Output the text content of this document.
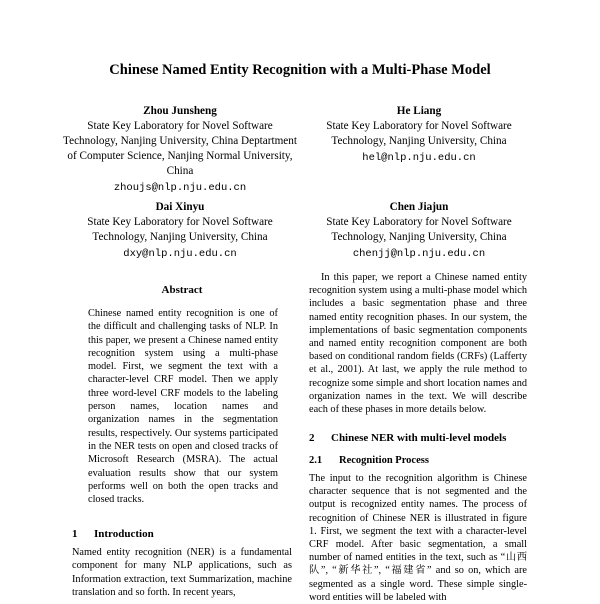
Chinese Named Entity Recognition with a Multi-Phase Model
Zhou Junsheng
State Key Laboratory for Novel Software Technology, Nanjing University, China Deptartment of Computer Science, Nanjing Normal University, China
zhoujs@nlp.nju.edu.cn
He Liang
State Key Laboratory for Novel Software Technology, Nanjing University, China
hel@nlp.nju.edu.cn
Dai Xinyu
State Key Laboratory for Novel Software Technology, Nanjing University, China
dxy@nlp.nju.edu.cn
Chen Jiajun
State Key Laboratory for Novel Software Technology, Nanjing University, China
chenjj@nlp.nju.edu.cn
Abstract
Chinese named entity recognition is one of the difficult and challenging tasks of NLP. In this paper, we present a Chinese named entity recognition system using a multi-phase model. First, we segment the text with a character-level CRF model. Then we apply three word-level CRF models to the labeling person names, location names and organization names in the segmentation results, respectively. Our systems participated in the NER tests on open and closed tracks of Microsoft Research (MSRA). The actual evaluation results show that our system performs well on both the open tracks and closed tracks.
1 Introduction
Named entity recognition (NER) is a fundamental component for many NLP applications, such as Information extraction, text Summarization, machine translation and so forth. In recent years,
In this paper, we report a Chinese named entity recognition system using a multi-phase model which includes a basic segmentation phase and three named entity recognition phases. In our system, the implementations of basic segmentation components and named entity recognition component are both based on conditional random fields (CRFs) (Lafferty et al., 2001). At last, we apply the rule method to recognize some simple and short location names and organization names in the text. We will describe each of these phases in more details below.
2 Chinese NER with multi-level models
2.1 Recognition Process
The input to the recognition algorithm is Chinese character sequence that is not segmented and the output is recognized entity names. The process of recognition of Chinese NER is illustrated in figure 1. First, we segment the text with a character-level CRF model. After basic segmentation, a small number of named entities in the text, such as “山西队”, “新华社”, “福建省” and so on, which are segmented as a single word. These simple single-word entities will be labeled with
